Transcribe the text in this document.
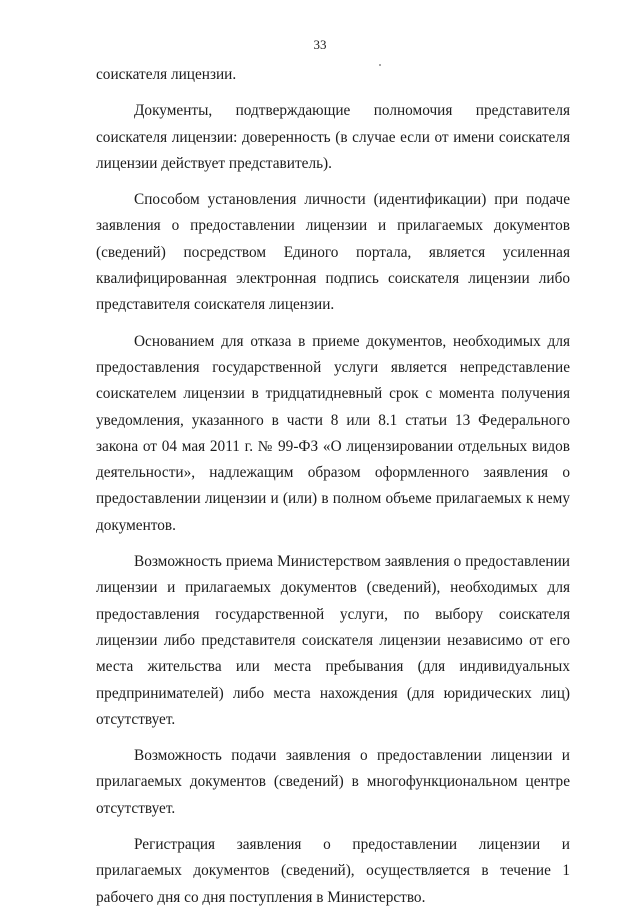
33

соискателя лицензии.

Документы, подтверждающие полномочия представителя соискателя лицензии: доверенность (в случае если от имени соискателя лицензии действует представитель).

Способом установления личности (идентификации) при подаче заявления о предоставлении лицензии и прилагаемых документов (сведений) посредством Единого портала, является усиленная квалифицированная электронная подпись соискателя лицензии либо представителя соискателя лицензии.

Основанием для отказа в приеме документов, необходимых для предоставления государственной услуги является непредставление соискателем лицензии в тридцатидневный срок с момента получения уведомления, указанного в части 8 или 8.1 статьи 13 Федерального закона от 04 мая 2011 г. № 99-ФЗ «О лицензировании отдельных видов деятельности», надлежащим образом оформленного заявления о предоставлении лицензии и (или) в полном объеме прилагаемых к нему документов.

Возможность приема Министерством заявления о предоставлении лицензии и прилагаемых документов (сведений), необходимых для предоставления государственной услуги, по выбору соискателя лицензии либо представителя соискателя лицензии независимо от его места жительства или места пребывания (для индивидуальных предпринимателей) либо места нахождения (для юридических лиц) отсутствует.

Возможность подачи заявления о предоставлении лицензии и прилагаемых документов (сведений) в многофункциональном центре отсутствует.

Регистрация заявления о предоставлении лицензии и прилагаемых документов (сведений), осуществляется в течение 1 рабочего дня со дня поступления в Министерство.
